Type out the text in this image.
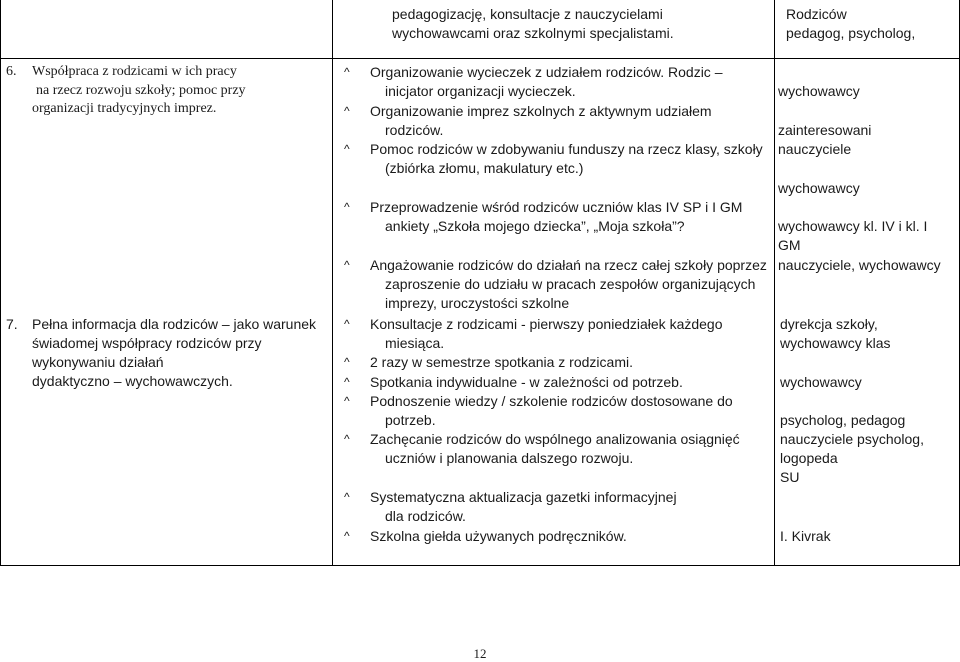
pedagogizację, konsultacje z nauczycielami
wychowawcami oraz szkolnymi specjalistami.
Rodziców
pedagog, psycholog,
6. Współpraca z rodzicami w ich pracy
na rzecz rozwoju szkoły; pomoc przy
organizacji tradycyjnych imprez.
7. Pełna informacja dla rodziców – jako warunek
świadomej współpracy rodziców przy
wykonywaniu działań
dydaktyczno – wychowawczych.
^ Organizowanie wycieczek z udziałem rodziców. Rodzic –
inicjator organizacji wycieczek.
^ Organizowanie imprez szkolnych z aktywnym udziałem
rodziców.
^ Pomoc rodziców w zdobywaniu funduszy na rzecz klasy, szkoły
(zbiórka złomu, makulatury etc.)
^ Przeprowadzenie wśród rodziców uczniów klas IV SP i I GM
ankiety „Szkoła mojego dziecka”, „Moja szkoła”?
^ Angażowanie rodziców do działań na rzecz całej szkoły poprzez
zaproszenie do udziału w pracach zespołów organizujących
imprezy, uroczystości szkolne
wychowawcy
zainteresowani
nauczyciele
wychowawcy
wychowawcy kl. IV i kl. I
GM
nauczyciele, wychowawcy
^ Konsultacje z rodzicami - pierwszy poniedziałek każdego
miesiąca.
^ 2 razy w semestrze spotkania z rodzicami.
^ Spotkania indywidualne - w zależności od potrzeb.
^ Podnoszenie wiedzy / szkolenie rodziców dostosowane do
potrzeb.
^ Zachęcanie rodziców do wspólnego analizowania osiągnięć
uczniów i planowania dalszego rozwoju.
^ Systematyczna aktualizacja gazetki informacyjnej
dla rodziców.
^ Szkolna giełda używanych podręczników.
dyrekcja szkoły,
wychowawcy klas
wychowawcy
psycholog, pedagog
nauczyciele psycholog,
logopeda
SU
I. Kivrak
12
